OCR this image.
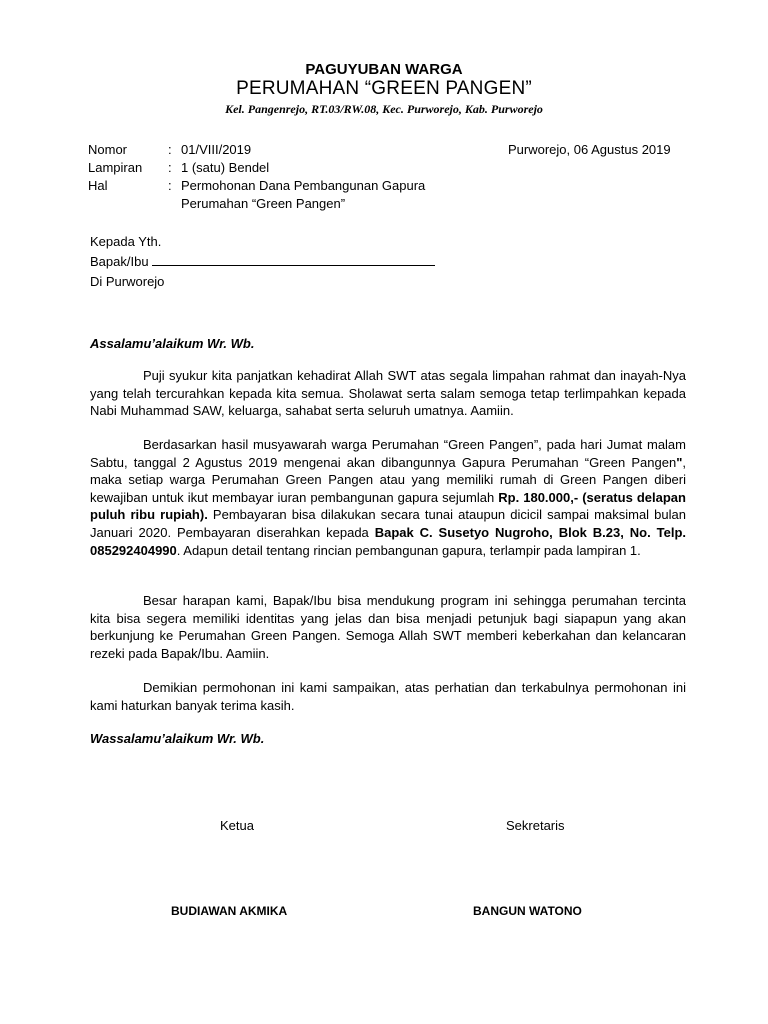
PAGUYUBAN WARGA
PERUMAHAN “GREEN PANGEN”
Kel. Pangenrejo, RT.03/RW.08, Kec. Purworejo, Kab. Purworejo
Nomor	: 01/VIII/2019
Lampiran	: 1 (satu) Bendel
Hal	: Permohonan Dana Pembangunan Gapura
Perumahan “Green Pangen”
Purworejo, 06 Agustus 2019
Kepada Yth.
Bapak/Ibu
Di Purworejo
Assalamu’alaikum Wr. Wb.
Puji syukur kita panjatkan kehadirat Allah SWT atas segala limpahan rahmat dan inayah-Nya yang telah tercurahkan kepada kita semua. Sholawat serta salam semoga tetap terlimpahkan kepada Nabi Muhammad SAW, keluarga, sahabat serta seluruh umatnya. Aamiin.
Berdasarkan hasil musyawarah warga Perumahan “Green Pangen”, pada hari Jumat malam Sabtu, tanggal 2 Agustus 2019 mengenai akan dibangunnya Gapura Perumahan “Green Pangen", maka setiap warga Perumahan Green Pangen atau yang memiliki rumah di Green Pangen diberi kewajiban untuk ikut membayar iuran pembangunan gapura sejumlah Rp. 180.000,- (seratus delapan puluh ribu rupiah). Pembayaran bisa dilakukan secara tunai ataupun dicicil sampai maksimal bulan Januari 2020. Pembayaran diserahkan kepada Bapak C. Susetyo Nugroho, Blok B.23, No. Telp. 085292404990. Adapun detail tentang rincian pembangunan gapura, terlampir pada lampiran 1.
Besar harapan kami, Bapak/Ibu bisa mendukung program ini sehingga perumahan tercinta kita bisa segera memiliki identitas yang jelas dan bisa menjadi petunjuk bagi siapapun yang akan berkunjung ke Perumahan Green Pangen. Semoga Allah SWT memberi keberkahan dan kelancaran rezeki pada Bapak/Ibu. Aamiin.
Demikian permohonan ini kami sampaikan, atas perhatian dan terkabulnya permohonan ini kami haturkan banyak terima kasih.
Wassalamu’alaikum Wr. Wb.
Ketua	Sekretaris
BUDIAWAN AKMIKA	BANGUN WATONO
